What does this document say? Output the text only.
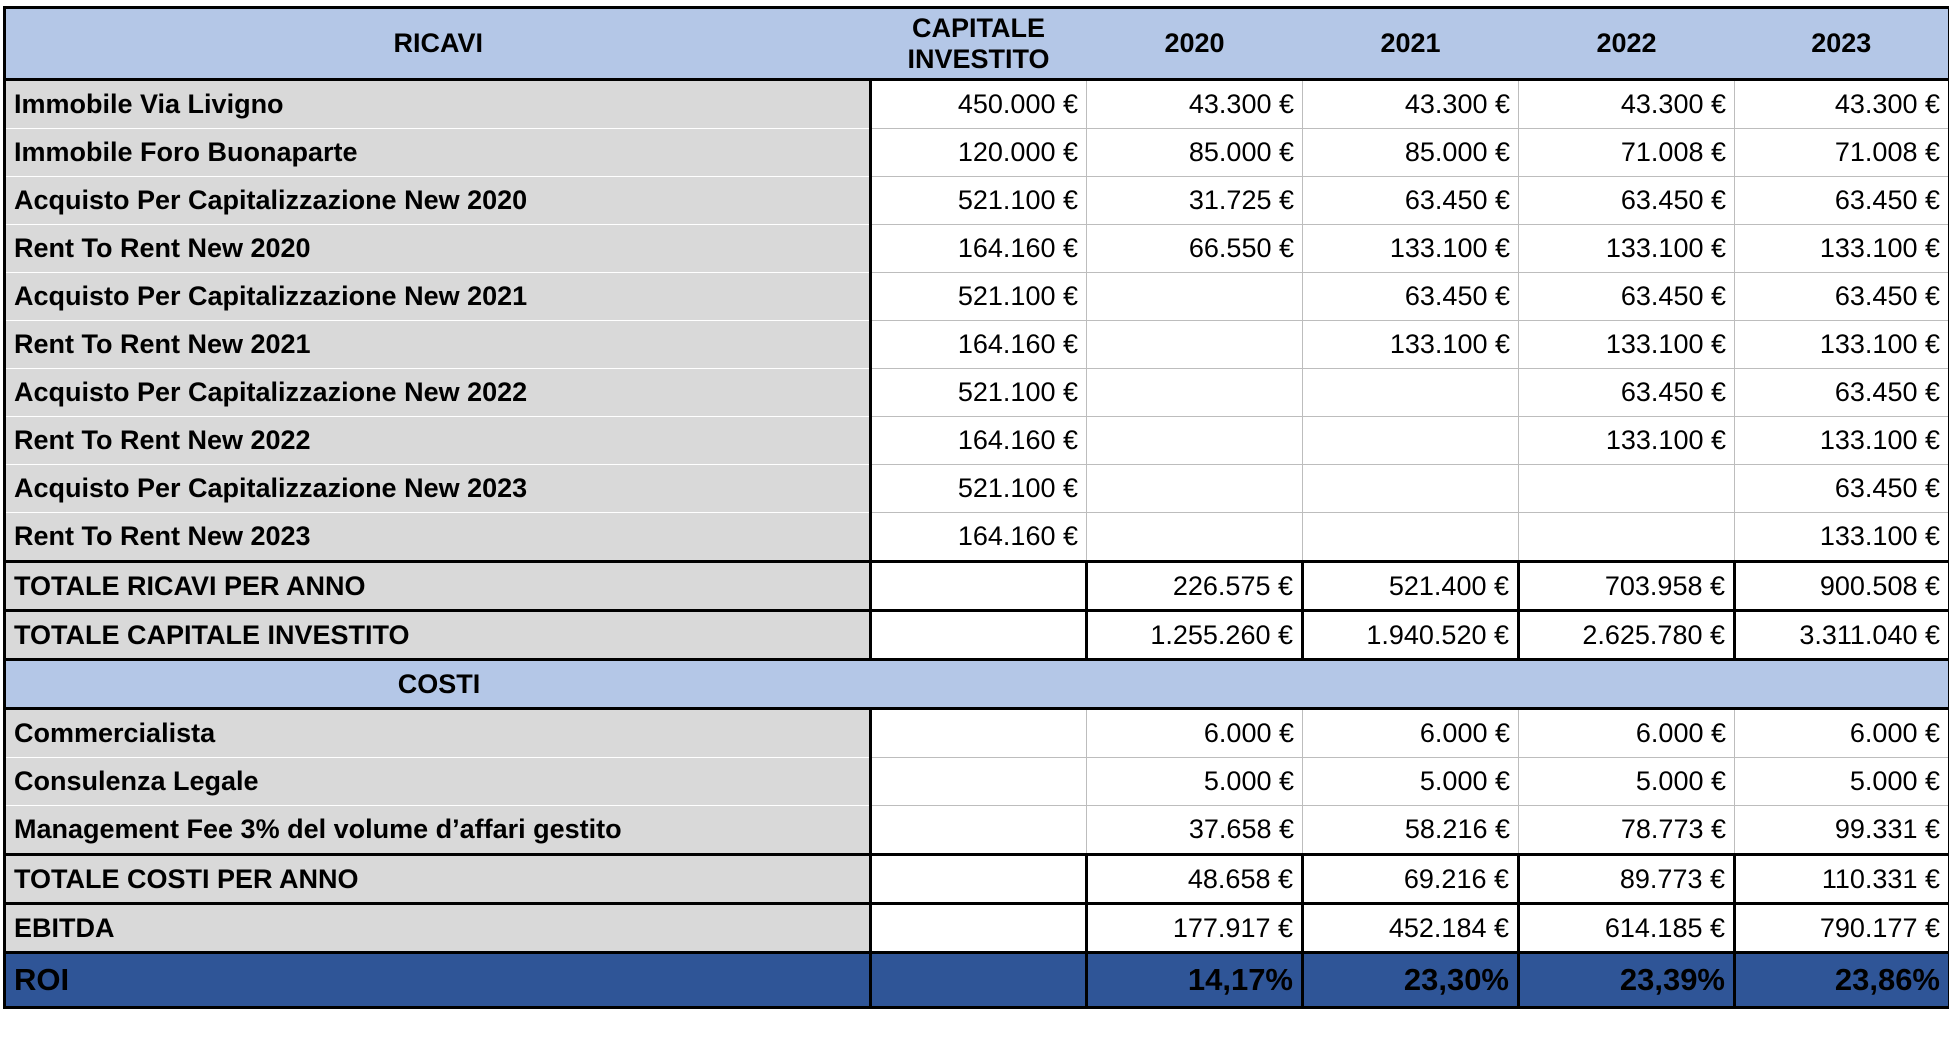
RICAVI	CAPITALE INVESTITO	2020	2021	2022	2023
Immobile Via Livigno	450.000 €	43.300 €	43.300 €	43.300 €	43.300 €
Immobile Foro Buonaparte	120.000 €	85.000 €	85.000 €	71.008 €	71.008 €
Acquisto Per Capitalizzazione New 2020	521.100 €	31.725 €	63.450 €	63.450 €	63.450 €
Rent To Rent New 2020	164.160 €	66.550 €	133.100 €	133.100 €	133.100 €
Acquisto Per Capitalizzazione New 2021	521.100 €		63.450 €	63.450 €	63.450 €
Rent To Rent New 2021	164.160 €		133.100 €	133.100 €	133.100 €
Acquisto Per Capitalizzazione New 2022	521.100 €			63.450 €	63.450 €
Rent To Rent New 2022	164.160 €			133.100 €	133.100 €
Acquisto Per Capitalizzazione New 2023	521.100 €				63.450 €
Rent To Rent New 2023	164.160 €				133.100 €
TOTALE RICAVI PER ANNO		226.575 €	521.400 €	703.958 €	900.508 €
TOTALE CAPITALE INVESTITO		1.255.260 €	1.940.520 €	2.625.780 €	3.311.040 €
COSTI					
Commercialista		6.000 €	6.000 €	6.000 €	6.000 €
Consulenza Legale		5.000 €	5.000 €	5.000 €	5.000 €
Management Fee 3% del volume d’affari gestito		37.658 €	58.216 €	78.773 €	99.331 €
TOTALE COSTI PER ANNO		48.658 €	69.216 €	89.773 €	110.331 €
EBITDA		177.917 €	452.184 €	614.185 €	790.177 €
ROI		14,17%	23,30%	23,39%	23,86%
